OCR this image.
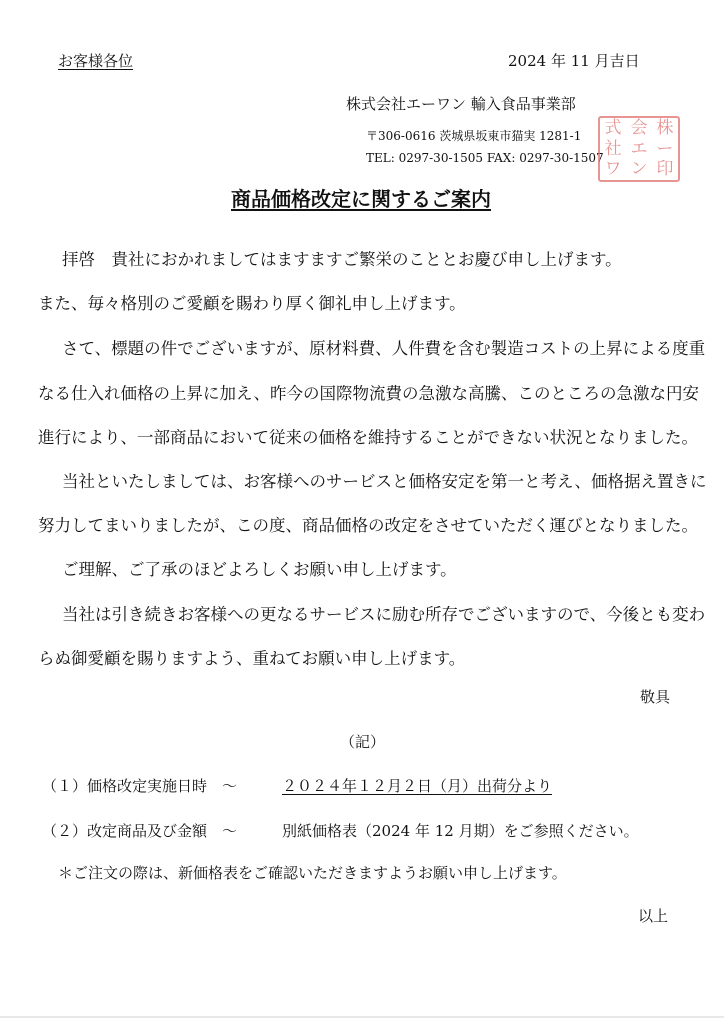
お客様各位	2024 年 11 月吉日
株式会社エーワン 輸入食品事業部
〒306-0616 茨城県坂東市猫実 1281-1
TEL: 0297-30-1505 FAX: 0297-30-1507
式 会 株
社 エ ー
ワ ン 印
商品価格改定に関するご案内
拝啓　貴社におかれましてはますますご繁栄のこととお慶び申し上げます。
また、毎々格別のご愛顧を賜わり厚く御礼申し上げます。
さて、標題の件でございますが、原材料費、人件費を含む製造コストの上昇による度重
なる仕入れ価格の上昇に加え、昨今の国際物流費の急激な高騰、このところの急激な円安
進行により、一部商品において従来の価格を維持することができない状況となりました。
当社といたしましては、お客様へのサービスと価格安定を第一と考え、価格据え置きに
努力してまいりましたが、この度、商品価格の改定をさせていただく運びとなりました。
ご理解、ご了承のほどよろしくお願い申し上げます。
当社は引き続きお客様への更なるサービスに励む所存でございますので、今後とも変わ
らぬ御愛顧を賜りますよう、重ねてお願い申し上げます。
敬具
（記）
（１）価格改定実施日時　～	２０２４年１２月２日（月）出荷分より
（２）改定商品及び金額　～	別紙価格表（2024 年 12 月期）をご参照ください。
＊ご注文の際は、新価格表をご確認いただきますようお願い申し上げます。
以上
